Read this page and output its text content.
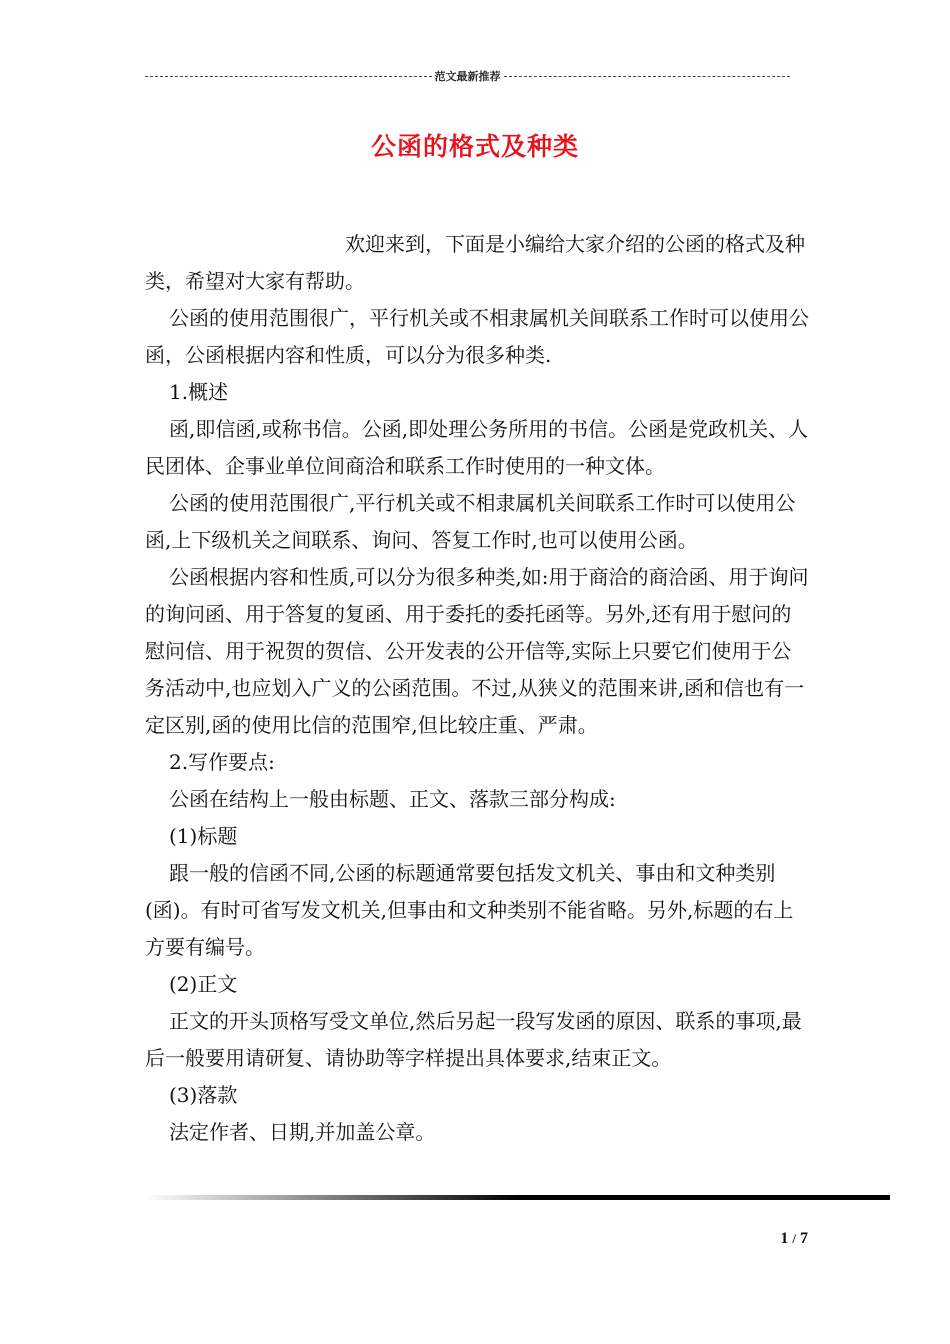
范文最新推荐
公函的格式及种类

欢迎来到，下面是小编给大家介绍的公函的格式及种类，希望对大家有帮助。

公函的使用范围很广，平行机关或不相隶属机关间联系工作时可以使用公函，公函根据内容和性质，可以分为很多种类.

1.概述

函,即信函,或称书信。公函,即处理公务所用的书信。公函是党政机关、人民团体、企事业单位间商洽和联系工作时使用的一种文体。

公函的使用范围很广,平行机关或不相隶属机关间联系工作时可以使用公函,上下级机关之间联系、询问、答复工作时,也可以使用公函。

公函根据内容和性质,可以分为很多种类,如:用于商洽的商洽函、用于询问的询问函、用于答复的复函、用于委托的委托函等。另外,还有用于慰问的慰问信、用于祝贺的贺信、公开发表的公开信等,实际上只要它们使用于公务活动中,也应划入广义的公函范围。不过,从狭义的范围来讲,函和信也有一定区别,函的使用比信的范围窄,但比较庄重、严肃。

2.写作要点:

公函在结构上一般由标题、正文、落款三部分构成:

(1)标题

跟一般的信函不同,公函的标题通常要包括发文机关、事由和文种类别(函)。有时可省写发文机关,但事由和文种类别不能省略。另外,标题的右上方要有编号。

(2)正文

正文的开头顶格写受文单位,然后另起一段写发函的原因、联系的事项,最后一般要用请研复、请协助等字样提出具体要求,结束正文。

(3)落款

法定作者、日期,并加盖公章。

1 / 7
